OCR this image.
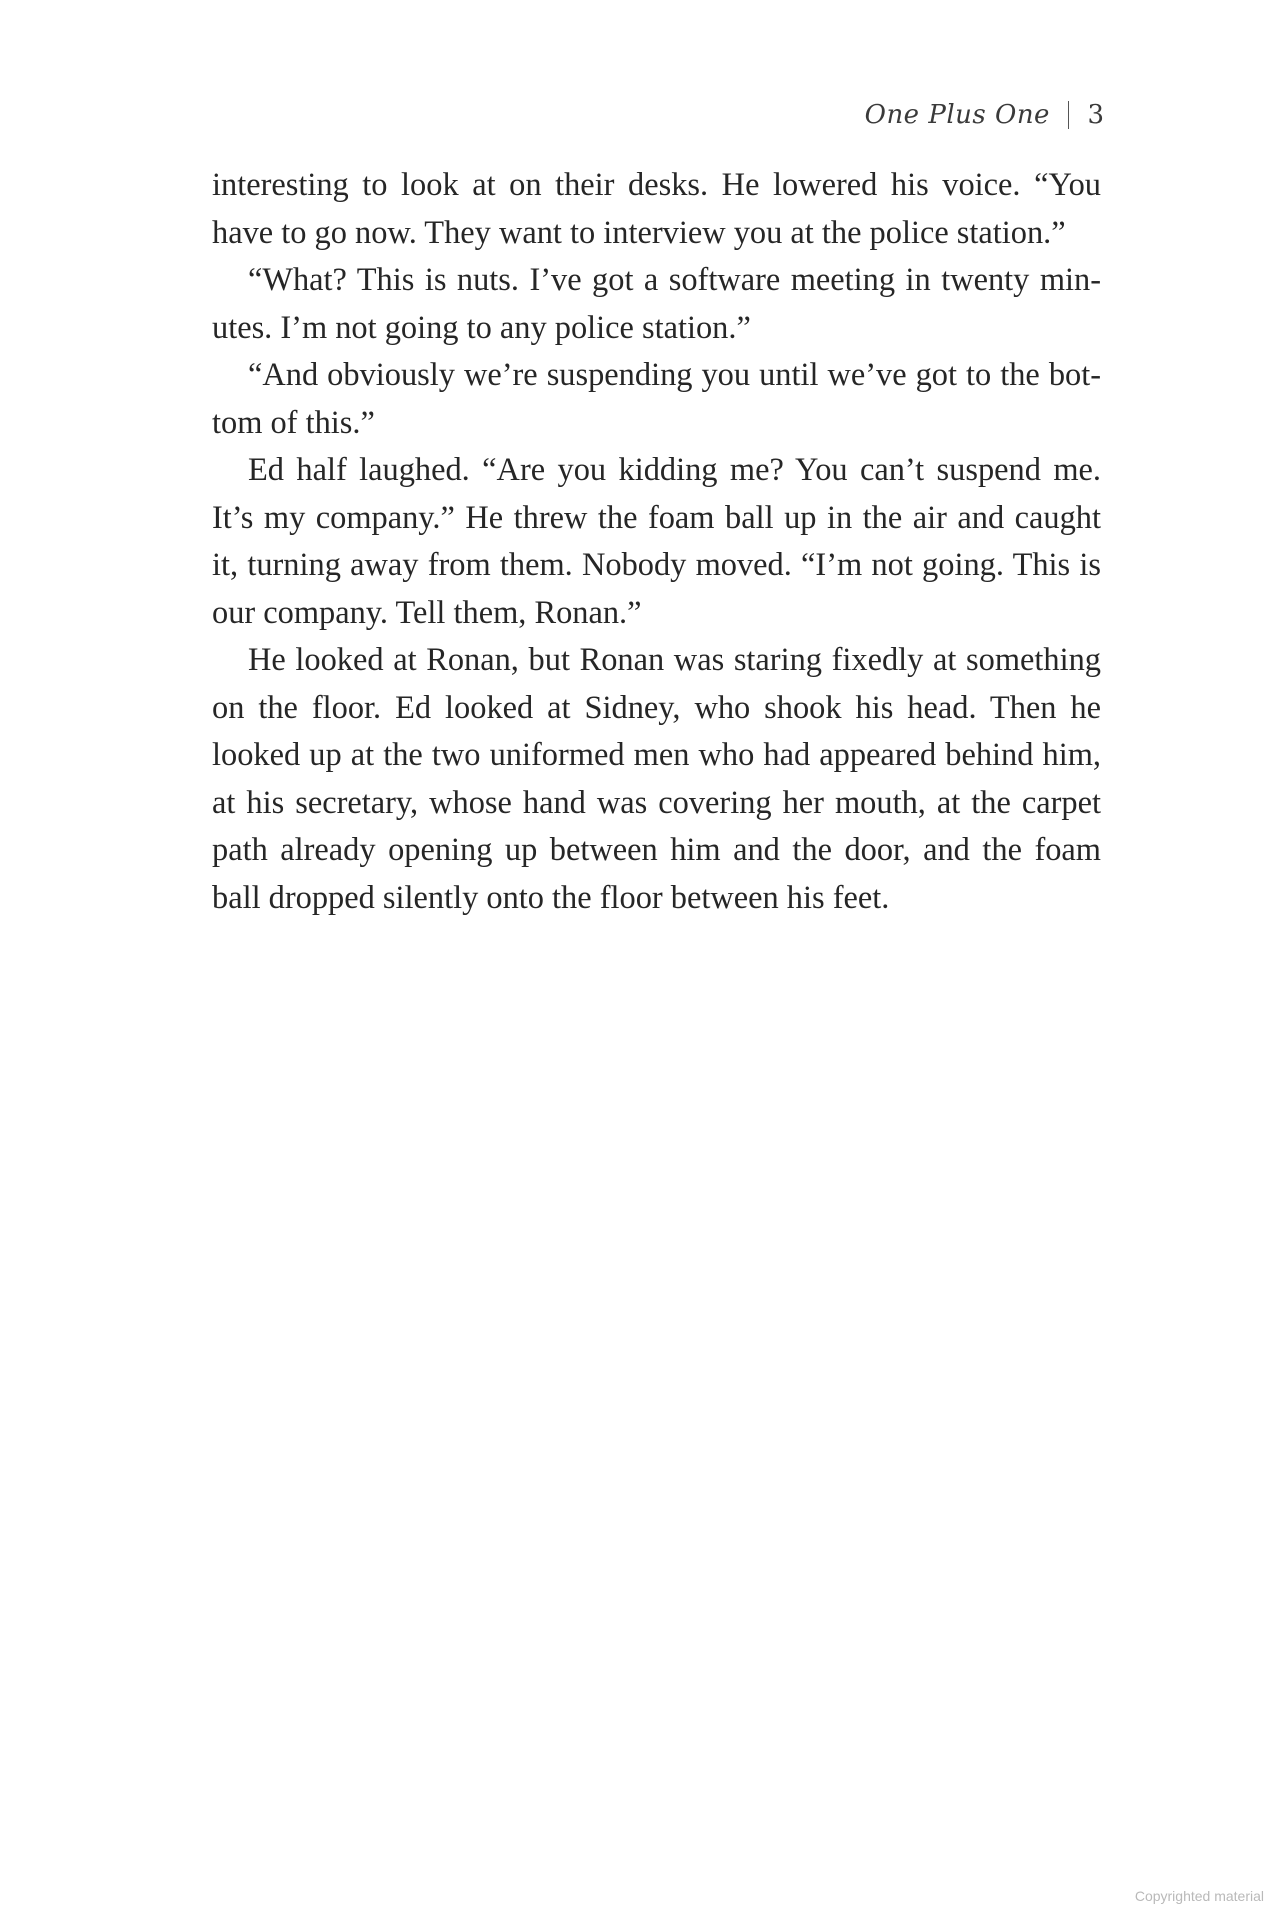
One Plus One 3

interesting to look at on their desks. He lowered his voice. “You have to go now. They want to interview you at the police station.”

“What? This is nuts. I’ve got a software meeting in twenty minutes. I’m not going to any police station.”

“And obviously we’re suspending you until we’ve got to the bottom of this.”

Ed half laughed. “Are you kidding me? You can’t suspend me. It’s my company.” He threw the foam ball up in the air and caught it, turning away from them. Nobody moved. “I’m not going. This is our company. Tell them, Ronan.”

He looked at Ronan, but Ronan was staring fixedly at something on the floor. Ed looked at Sidney, who shook his head. Then he looked up at the two uniformed men who had appeared behind him, at his secretary, whose hand was covering her mouth, at the carpet path already opening up between him and the door, and the foam ball dropped silently onto the floor between his feet.

Copyrighted material
